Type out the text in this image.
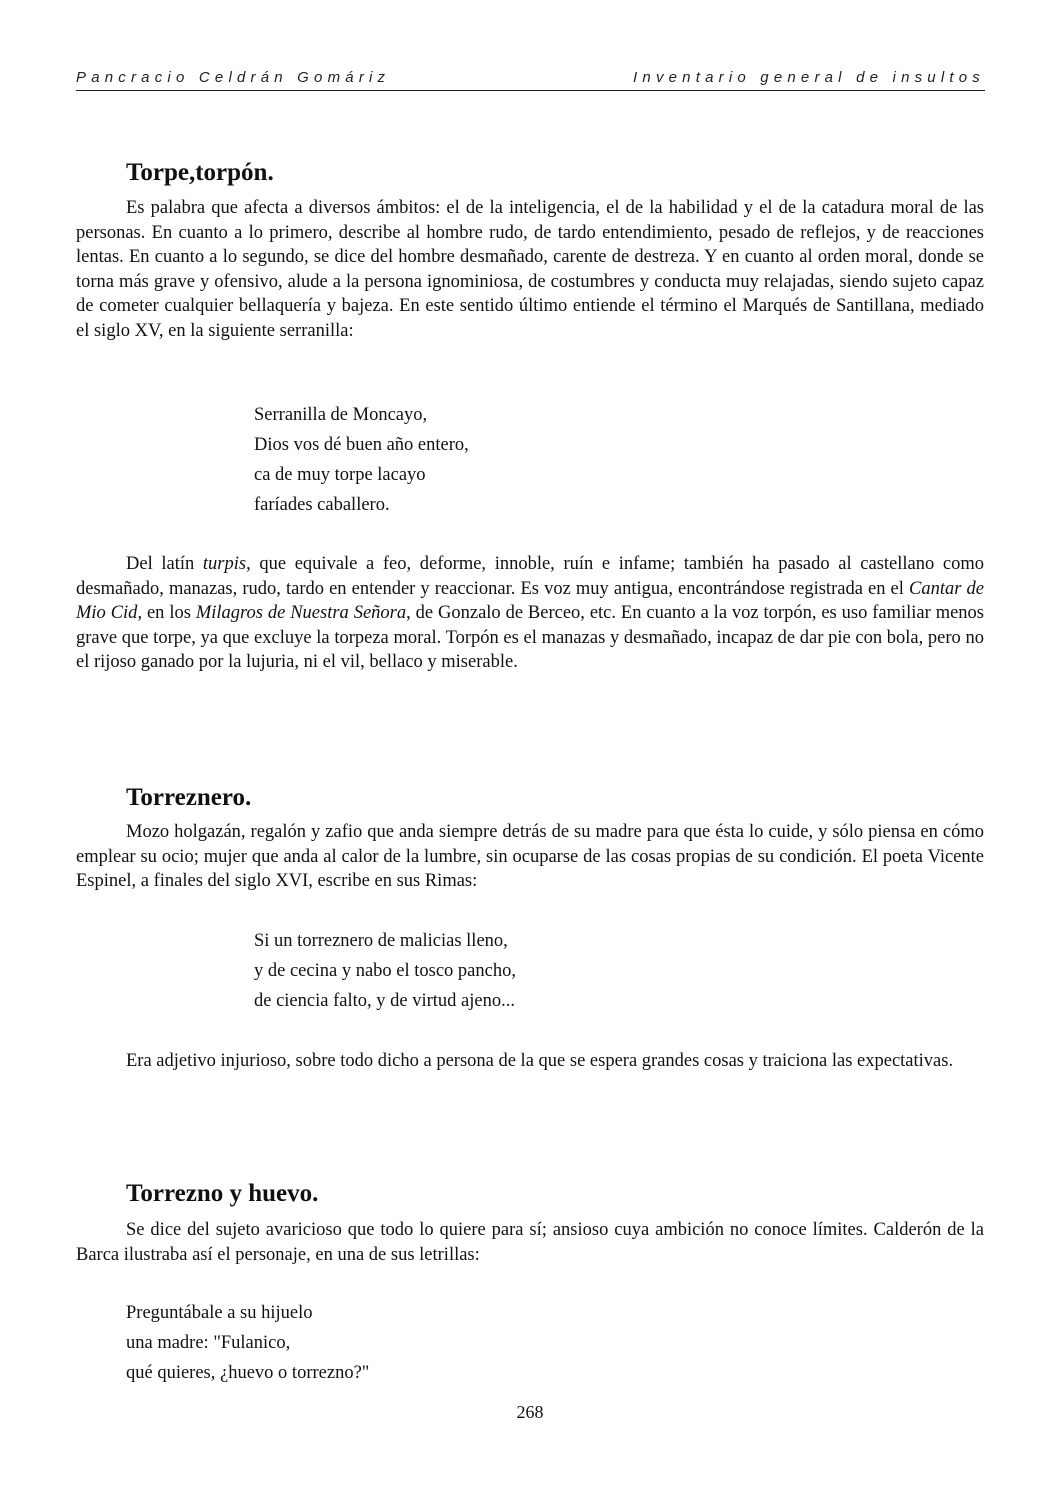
Pancracio Celdrán Gomáriz	Inventario general de insultos
Torpe,torpón.

Es palabra que afecta a diversos ámbitos: el de la inteligencia, el de la habilidad y el de la catadura moral de las personas. En cuanto a lo primero, describe al hombre rudo, de tardo entendimiento, pesado de reflejos, y de reacciones lentas. En cuanto a lo segundo, se dice del hombre desmañado, carente de destreza. Y en cuanto al orden moral, donde se torna más grave y ofensivo, alude a la persona ignominiosa, de costumbres y conducta muy relajadas, siendo sujeto capaz de cometer cualquier bellaquería y bajeza. En este sentido último entiende el término el Marqués de Santillana, mediado el siglo XV, en la siguiente serranilla:

Serranilla de Moncayo,
Dios vos dé buen año entero,
ca de muy torpe lacayo
faríades caballero.

Del latín turpis, que equivale a feo, deforme, innoble, ruín e infame; también ha pasado al castellano como desmañado, manazas, rudo, tardo en entender y reaccionar. Es voz muy antigua, encontrándose registrada en el Cantar de Mio Cid, en los Milagros de Nuestra Señora, de Gonzalo de Berceo, etc. En cuanto a la voz torpón, es uso familiar menos grave que torpe, ya que excluye la torpeza moral. Torpón es el manazas y desmañado, incapaz de dar pie con bola, pero no el rijoso ganado por la lujuria, ni el vil, bellaco y miserable.

Torreznero.

Mozo holgazán, regalón y zafio que anda siempre detrás de su madre para que ésta lo cuide, y sólo piensa en cómo emplear su ocio; mujer que anda al calor de la lumbre, sin ocuparse de las cosas propias de su condición. El poeta Vicente Espinel, a finales del siglo XVI, escribe en sus Rimas:

Si un torreznero de malicias lleno,
y de cecina y nabo el tosco pancho,
de ciencia falto, y de virtud ajeno...

Era adjetivo injurioso, sobre todo dicho a persona de la que se espera grandes cosas y traiciona las expectativas.

Torrezno y huevo.

Se dice del sujeto avaricioso que todo lo quiere para sí; ansioso cuya ambición no conoce límites. Calderón de la Barca ilustraba así el personaje, en una de sus letrillas:

Preguntábale a su hijuelo
una madre: "Fulanico,
qué quieres, ¿huevo o torrezno?"
268
